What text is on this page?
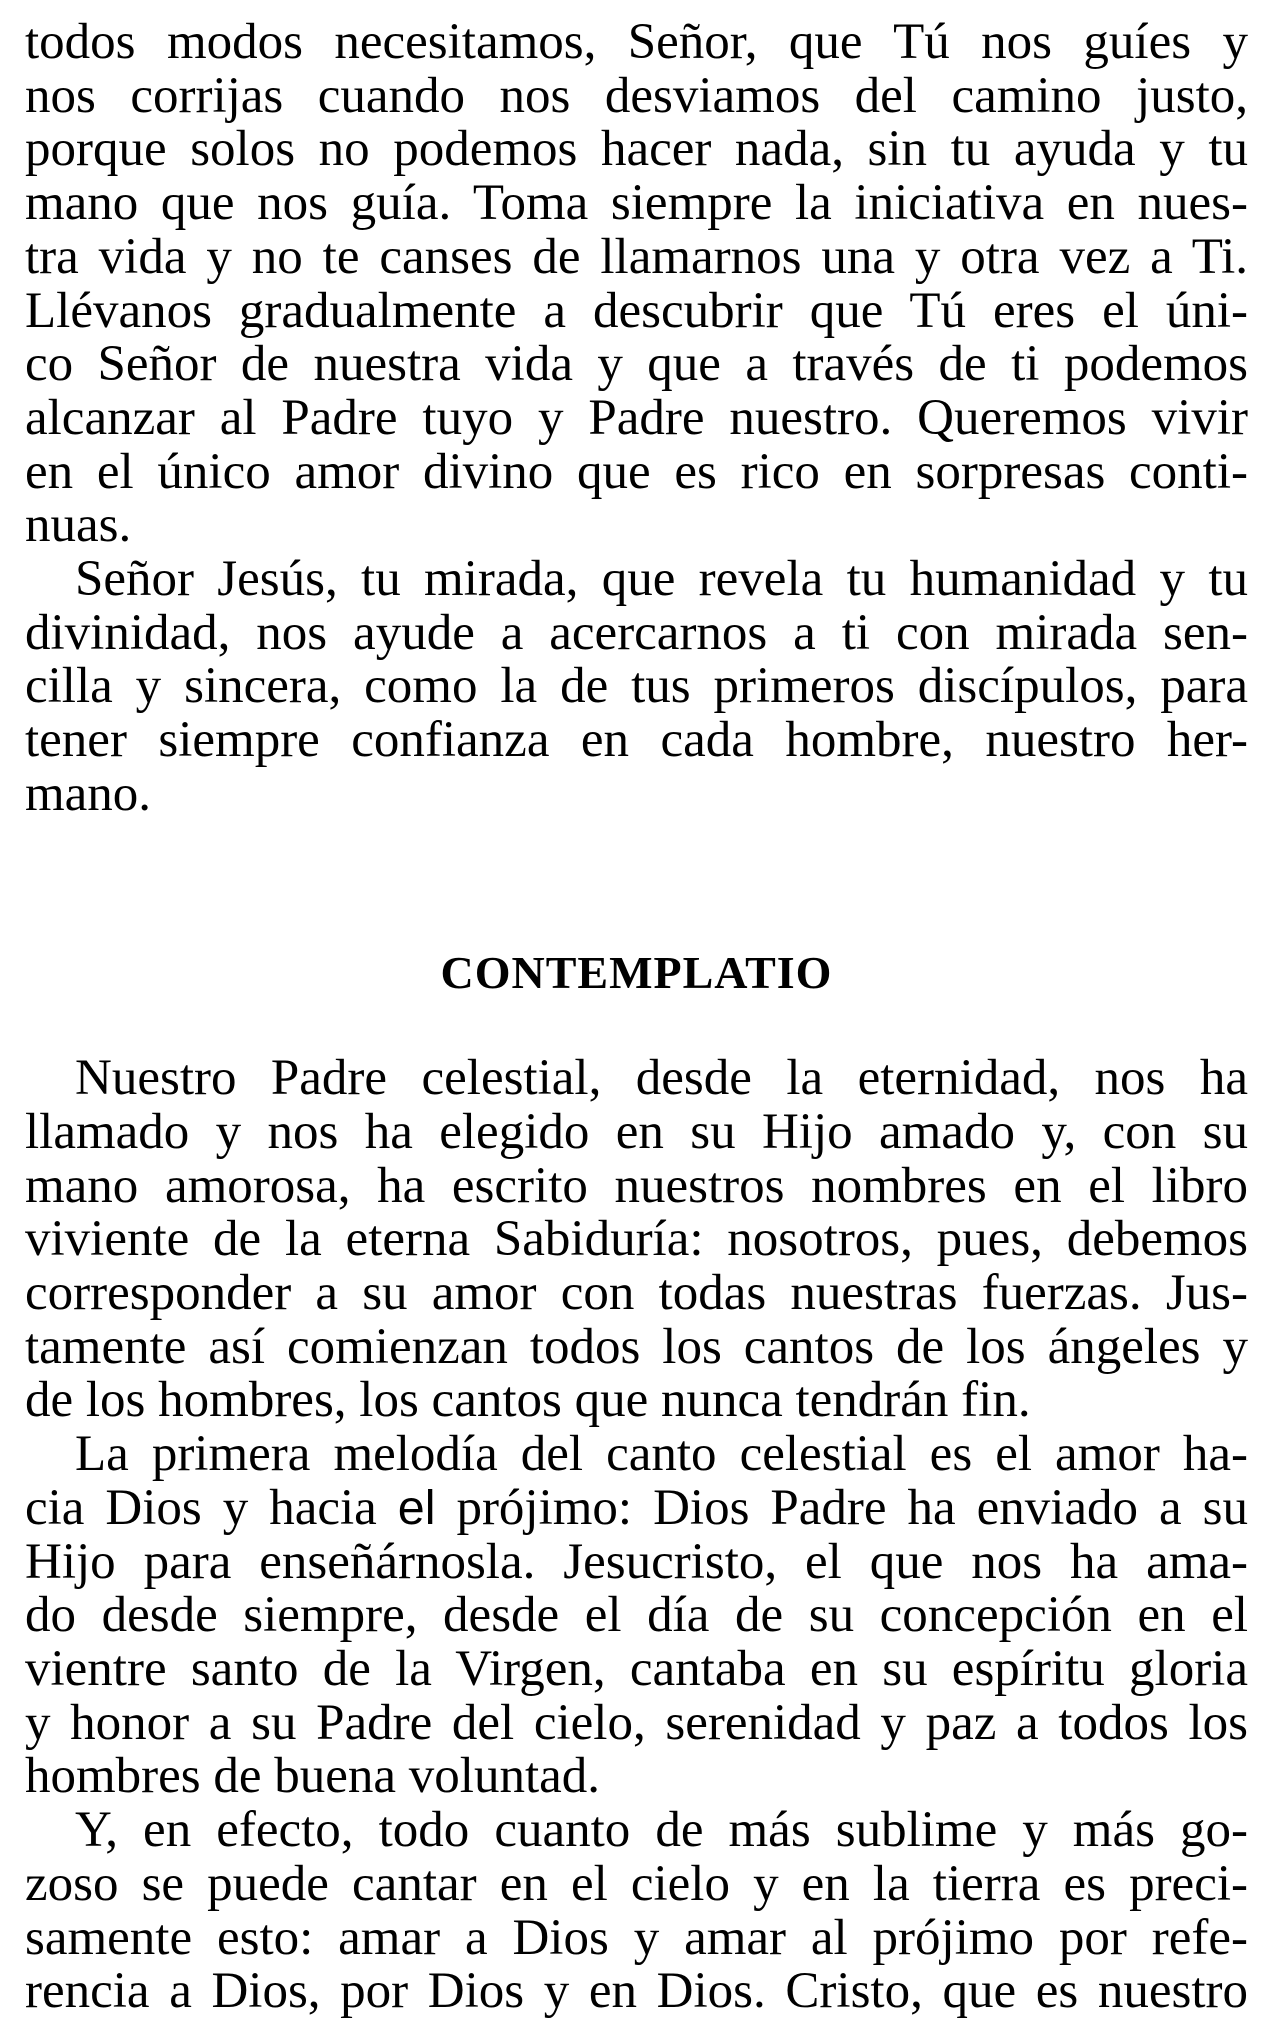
todos modos necesitamos, Señor, que Tú nos guíes y
nos corrijas cuando nos desviamos del camino justo,
porque solos no podemos hacer nada, sin tu ayuda y tu
mano que nos guía. Toma siempre la iniciativa en nues-
tra vida y no te canses de llamarnos una y otra vez a Ti.
Llévanos gradualmente a descubrir que Tú eres el úni-
co Señor de nuestra vida y que a través de ti podemos
alcanzar al Padre tuyo y Padre nuestro. Queremos vivir
en el único amor divino que es rico en sorpresas conti-
nuas.
Señor Jesús, tu mirada, que revela tu humanidad y tu
divinidad, nos ayude a acercarnos a ti con mirada sen-
cilla y sincera, como la de tus primeros discípulos, para
tener siempre confianza en cada hombre, nuestro her-
mano.
CONTEMPLATIO
Nuestro Padre celestial, desde la eternidad, nos ha
llamado y nos ha elegido en su Hijo amado y, con su
mano amorosa, ha escrito nuestros nombres en el libro
viviente de la eterna Sabiduría: nosotros, pues, debemos
corresponder a su amor con todas nuestras fuerzas. Jus-
tamente así comienzan todos los cantos de los ángeles y
de los hombres, los cantos que nunca tendrán fin.
La primera melodía del canto celestial es el amor ha-
cia Dios y hacia el prójimo: Dios Padre ha enviado a su
Hijo para enseñárnosla. Jesucristo, el que nos ha ama-
do desde siempre, desde el día de su concepción en el
vientre santo de la Virgen, cantaba en su espíritu gloria
y honor a su Padre del cielo, serenidad y paz a todos los
hombres de buena voluntad.
Y, en efecto, todo cuanto de más sublime y más go-
zoso se puede cantar en el cielo y en la tierra es preci-
samente esto: amar a Dios y amar al prójimo por refe-
rencia a Dios, por Dios y en Dios. Cristo, que es nuestro
